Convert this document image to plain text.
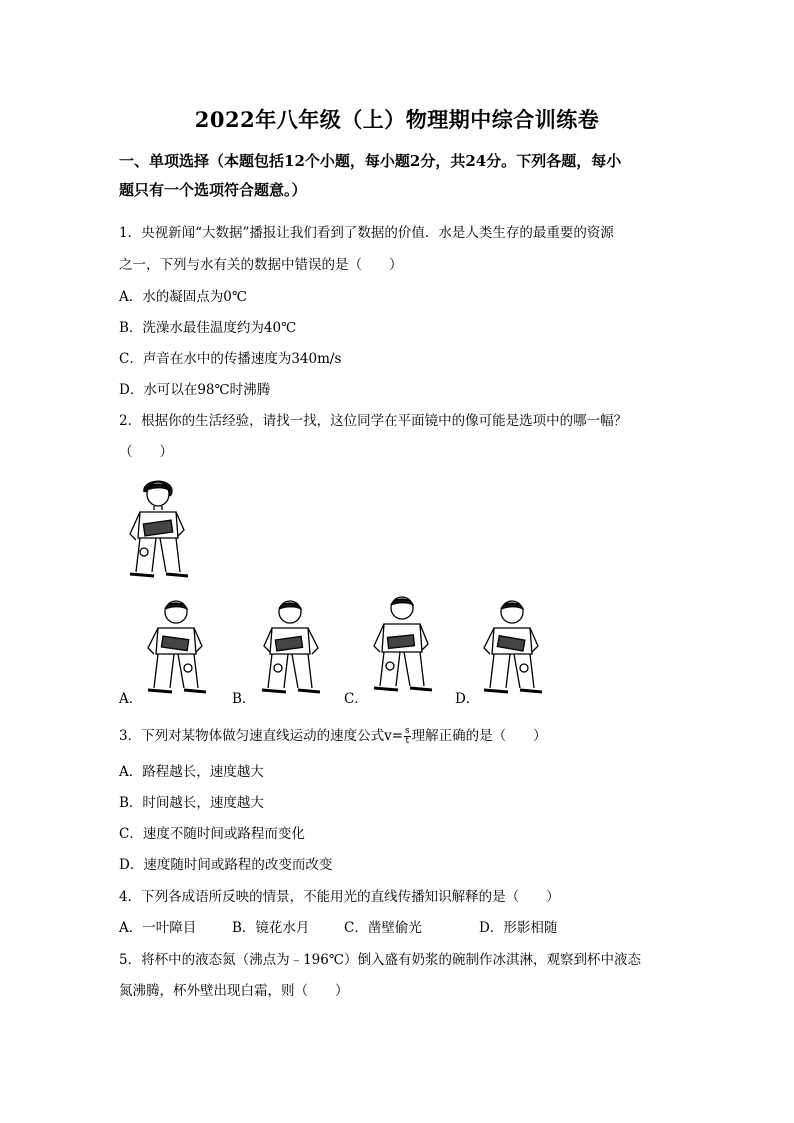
2022年八年级（上）物理期中综合训练卷
一、单项选择（本题包括12个小题，每小题2分，共24分。下列各题，每小
题只有一个选项符合题意。）
1．央视新闻“大数据”播报让我们看到了数据的价值．水是人类生存的最重要的资源
之一，下列与水有关的数据中错误的是（　　）
A．水的凝固点为0℃
B．洗澡水最佳温度约为40℃
C．声音在水中的传播速度为340m/s
D．水可以在98℃时沸腾
2．根据你的生活经验，请找一找，这位同学在平面镜中的像可能是选项中的哪一幅？
（　　）
A．	B．	C．	D．
3．下列对某物体做匀速直线运动的速度公式$v= \frac{s}{t}$ 理解正确的是（　　）
A．路程越长，速度越大
B．时间越长，速度越大
C．速度不随时间或路程而变化
D．速度随时间或路程的改变而改变
4．下列各成语所反映的情景，不能用光的直线传播知识解释的是（　　）
A．一叶障目	B．镜花水月	C．凿壁偷光	D．形影相随
5．将杯中的液态氮（沸点为﹣196℃）倒入盛有奶浆的碗制作冰淇淋，观察到杯中液态
氮沸腾，杯外壁出现白霜，则（　　）
